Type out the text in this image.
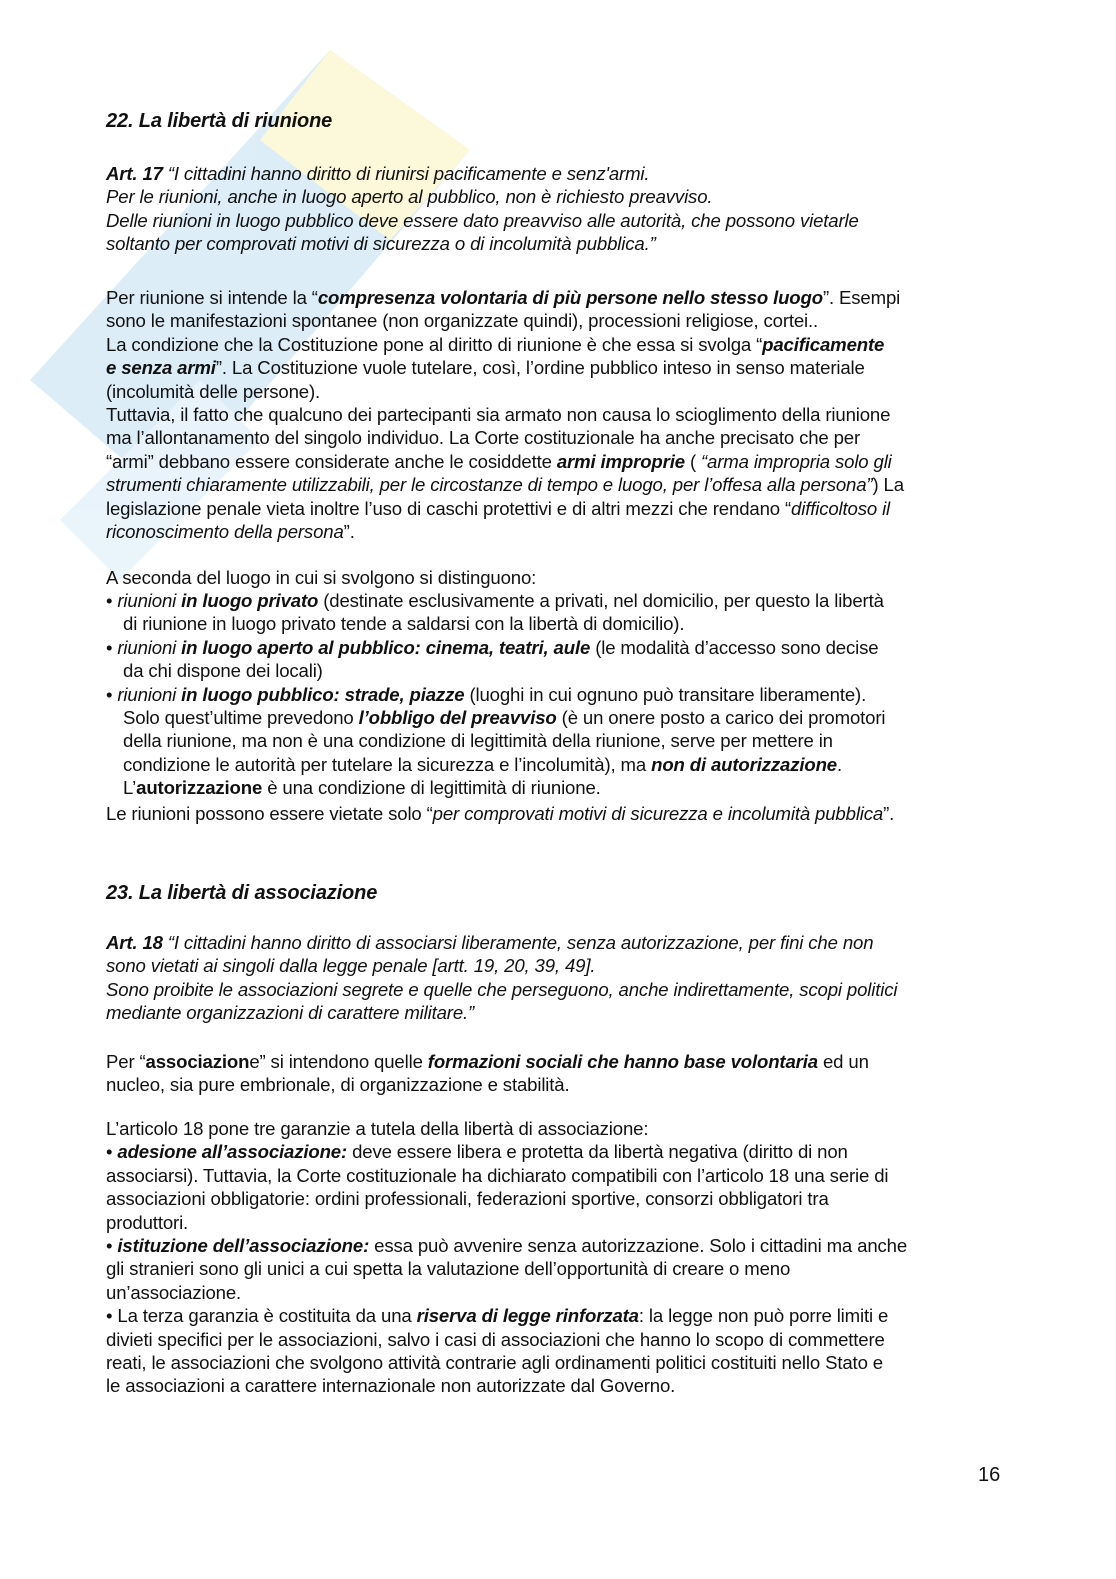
22. La libertà di riunione
Art. 17 “I cittadini hanno diritto di riunirsi pacificamente e senz'armi.
Per le riunioni, anche in luogo aperto al pubblico, non è richiesto preavviso.
Delle riunioni in luogo pubblico deve essere dato preavviso alle autorità, che possono vietarle
soltanto per comprovati motivi di sicurezza o di incolumità pubblica.”
Per riunione si intende la “compresenza volontaria di più persone nello stesso luogo”. Esempi
sono le manifestazioni spontanee (non organizzate quindi), processioni religiose, cortei..
La condizione che la Costituzione pone al diritto di riunione è che essa si svolga “pacificamente
e senza armi”. La Costituzione vuole tutelare, così, l’ordine pubblico inteso in senso materiale
(incolumità delle persone).
Tuttavia, il fatto che qualcuno dei partecipanti sia armato non causa lo scioglimento della riunione
ma l’allontanamento del singolo individuo. La Corte costituzionale ha anche precisato che per
“armi” debbano essere considerate anche le cosiddette armi improprie ( “arma impropria solo gli
strumenti chiaramente utilizzabili, per le circostanze di tempo e luogo, per l’offesa alla persona”) La
legislazione penale vieta inoltre l’uso di caschi protettivi e di altri mezzi che rendano “difficoltoso il
riconoscimento della persona”.
A seconda del luogo in cui si svolgono si distinguono:
• riunioni in luogo privato (destinate esclusivamente a privati, nel domicilio, per questo la libertà
di riunione in luogo privato tende a saldarsi con la libertà di domicilio).
• riunioni in luogo aperto al pubblico: cinema, teatri, aule (le modalità d’accesso sono decise
da chi dispone dei locali)
• riunioni in luogo pubblico: strade, piazze (luoghi in cui ognuno può transitare liberamente).
Solo quest’ultime prevedono l’obbligo del preavviso (è un onere posto a carico dei promotori
della riunione, ma non è una condizione di legittimità della riunione, serve per mettere in
condizione le autorità per tutelare la sicurezza e l’incolumità), ma non di autorizzazione.
L’autorizzazione è una condizione di legittimità di riunione.
Le riunioni possono essere vietate solo “per comprovati motivi di sicurezza e incolumità pubblica”.
23. La libertà di associazione
Art. 18 “I cittadini hanno diritto di associarsi liberamente, senza autorizzazione, per fini che non
sono vietati ai singoli dalla legge penale [artt. 19, 20, 39, 49].
Sono proibite le associazioni segrete e quelle che perseguono, anche indirettamente, scopi politici
mediante organizzazioni di carattere militare.”
Per “associazione” si intendono quelle formazioni sociali che hanno base volontaria ed un
nucleo, sia pure embrionale, di organizzazione e stabilità.
L’articolo 18 pone tre garanzie a tutela della libertà di associazione:
• adesione all’associazione: deve essere libera e protetta da libertà negativa (diritto di non
associarsi). Tuttavia, la Corte costituzionale ha dichiarato compatibili con l’articolo 18 una serie di
associazioni obbligatorie: ordini professionali, federazioni sportive, consorzi obbligatori tra
produttori.
• istituzione dell’associazione: essa può avvenire senza autorizzazione. Solo i cittadini ma anche
gli stranieri sono gli unici a cui spetta la valutazione dell’opportunità di creare o meno
un’associazione.
• La terza garanzia è costituita da una riserva di legge rinforzata: la legge non può porre limiti e
divieti specifici per le associazioni, salvo i casi di associazioni che hanno lo scopo di commettere
reati, le associazioni che svolgono attività contrarie agli ordinamenti politici costituiti nello Stato e
le associazioni a carattere internazionale non autorizzate dal Governo.
16
